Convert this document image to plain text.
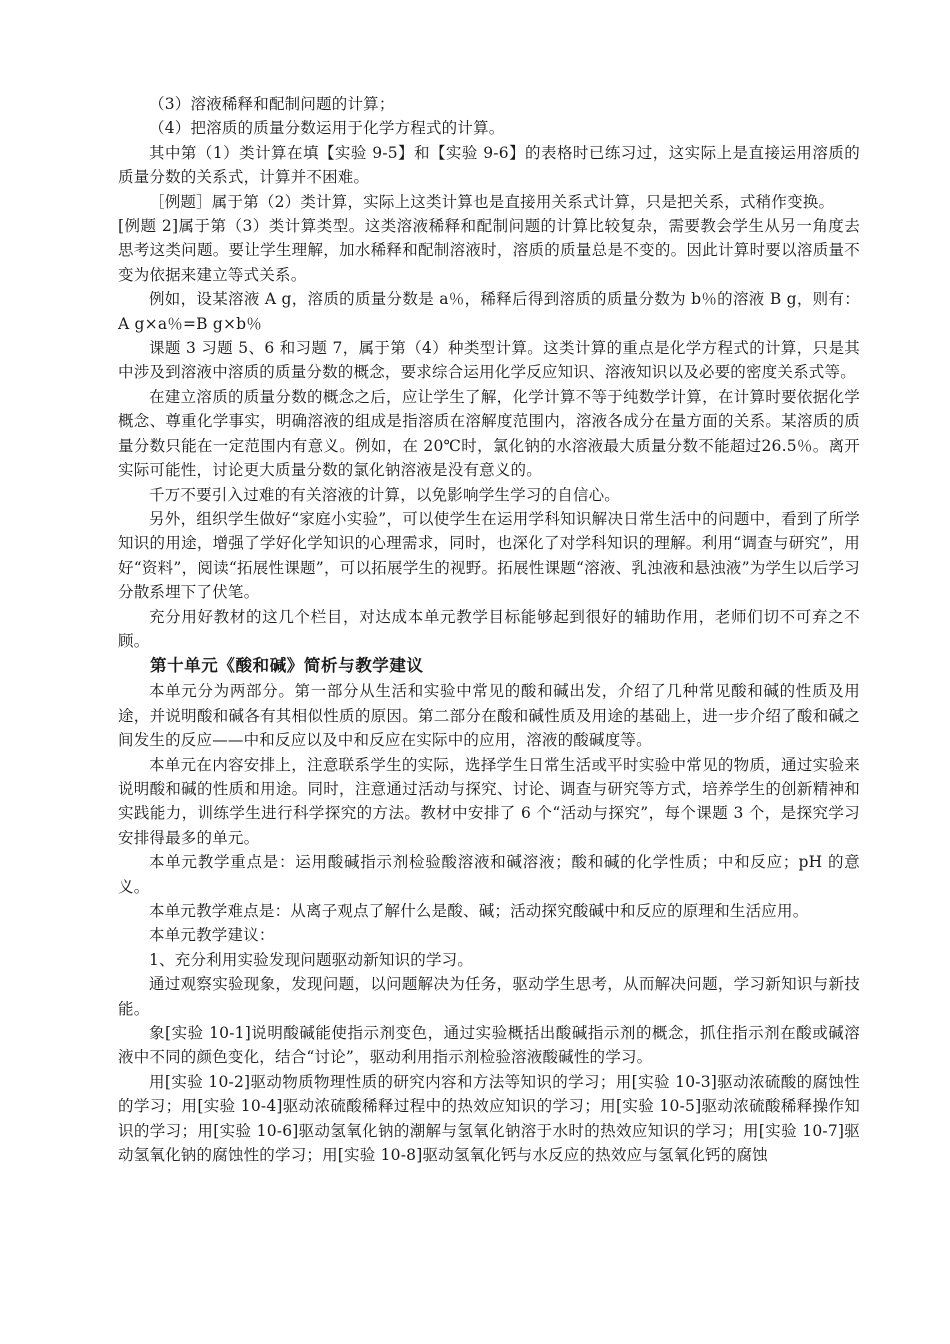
（3）溶液稀释和配制问题的计算；

（4）把溶质的质量分数运用于化学方程式的计算。

其中第（1）类计算在填【实验 9-5】和【实验 9-6】的表格时已练习过，这实际上是直接运用溶质的质量分数的关系式，计算并不困难。

［例题］属于第（2）类计算，实际上这类计算也是直接用关系式计算，只是把关系，式稍作变换。

[例题 2]属于第（3）类计算类型。这类溶液稀释和配制问题的计算比较复杂，需要教会学生从另一角度去思考这类问题。要让学生理解，加水稀释和配制溶液时，溶质的质量总是不变的。因此计算时要以溶质量不变为依据来建立等式关系。

例如，设某溶液 A g，溶质的质量分数是 a％，稀释后得到溶质的质量分数为 b％的溶液 B g，则有：A g×a％=B g×b％

课题 3 习题 5、6 和习题 7，属于第（4）种类型计算。这类计算的重点是化学方程式的计算，只是其中涉及到溶液中溶质的质量分数的概念，要求综合运用化学反应知识、溶液知识以及必要的密度关系式等。

在建立溶质的质量分数的概念之后，应让学生了解，化学计算不等于纯数学计算，在计算时要依据化学概念、尊重化学事实，明确溶液的组成是指溶质在溶解度范围内，溶液各成分在量方面的关系。某溶质的质量分数只能在一定范围内有意义。例如，在 20℃时，氯化钠的水溶液最大质量分数不能超过26.5％。离开实际可能性，讨论更大质量分数的氯化钠溶液是没有意义的。

千万不要引入过难的有关溶液的计算，以免影响学生学习的自信心。

另外，组织学生做好“家庭小实验”，可以使学生在运用学科知识解决日常生活中的问题中，看到了所学知识的用途，增强了学好化学知识的心理需求，同时，也深化了对学科知识的理解。利用“调查与研究”，用好“资料”，阅读“拓展性课题”，可以拓展学生的视野。拓展性课题“溶液、乳浊液和悬浊液”为学生以后学习分散系埋下了伏笔。

充分用好教材的这几个栏目，对达成本单元教学目标能够起到很好的辅助作用，老师们切不可弃之不顾。

第十单元《酸和碱》简析与教学建议

本单元分为两部分。第一部分从生活和实验中常见的酸和碱出发，介绍了几种常见酸和碱的性质及用途，并说明酸和碱各有其相似性质的原因。第二部分在酸和碱性质及用途的基础上，进一步介绍了酸和碱之间发生的反应——中和反应以及中和反应在实际中的应用，溶液的酸碱度等。

本单元在内容安排上，注意联系学生的实际，选择学生日常生活或平时实验中常见的物质，通过实验来说明酸和碱的性质和用途。同时，注意通过活动与探究、讨论、调查与研究等方式，培养学生的创新精神和实践能力，训练学生进行科学探究的方法。教材中安排了 6 个“活动与探究”，每个课题 3 个，是探究学习安排得最多的单元。

本单元教学重点是：运用酸碱指示剂检验酸溶液和碱溶液；酸和碱的化学性质；中和反应；pH 的意义。

本单元教学难点是：从离子观点了解什么是酸、碱；活动探究酸碱中和反应的原理和生活应用。

本单元教学建议：

1、充分利用实验发现问题驱动新知识的学习。

通过观察实验现象，发现问题，以问题解决为任务，驱动学生思考，从而解决问题，学习新知识与新技能。

象[实验 10-1]说明酸碱能使指示剂变色，通过实验概括出酸碱指示剂的概念，抓住指示剂在酸或碱溶液中不同的颜色变化，结合“讨论”，驱动利用指示剂检验溶液酸碱性的学习。

用[实验 10-2]驱动物质物理性质的研究内容和方法等知识的学习；用[实验 10-3]驱动浓硫酸的腐蚀性的学习；用[实验 10-4]驱动浓硫酸稀释过程中的热效应知识的学习；用[实验 10-5]驱动浓硫酸稀释操作知识的学习；用[实验 10-6]驱动氢氧化钠的潮解与氢氧化钠溶于水时的热效应知识的学习；用[实验 10-7]驱动氢氧化钠的腐蚀性的学习；用[实验 10-8]驱动氢氧化钙与水反应的热效应与氢氧化钙的腐蚀
